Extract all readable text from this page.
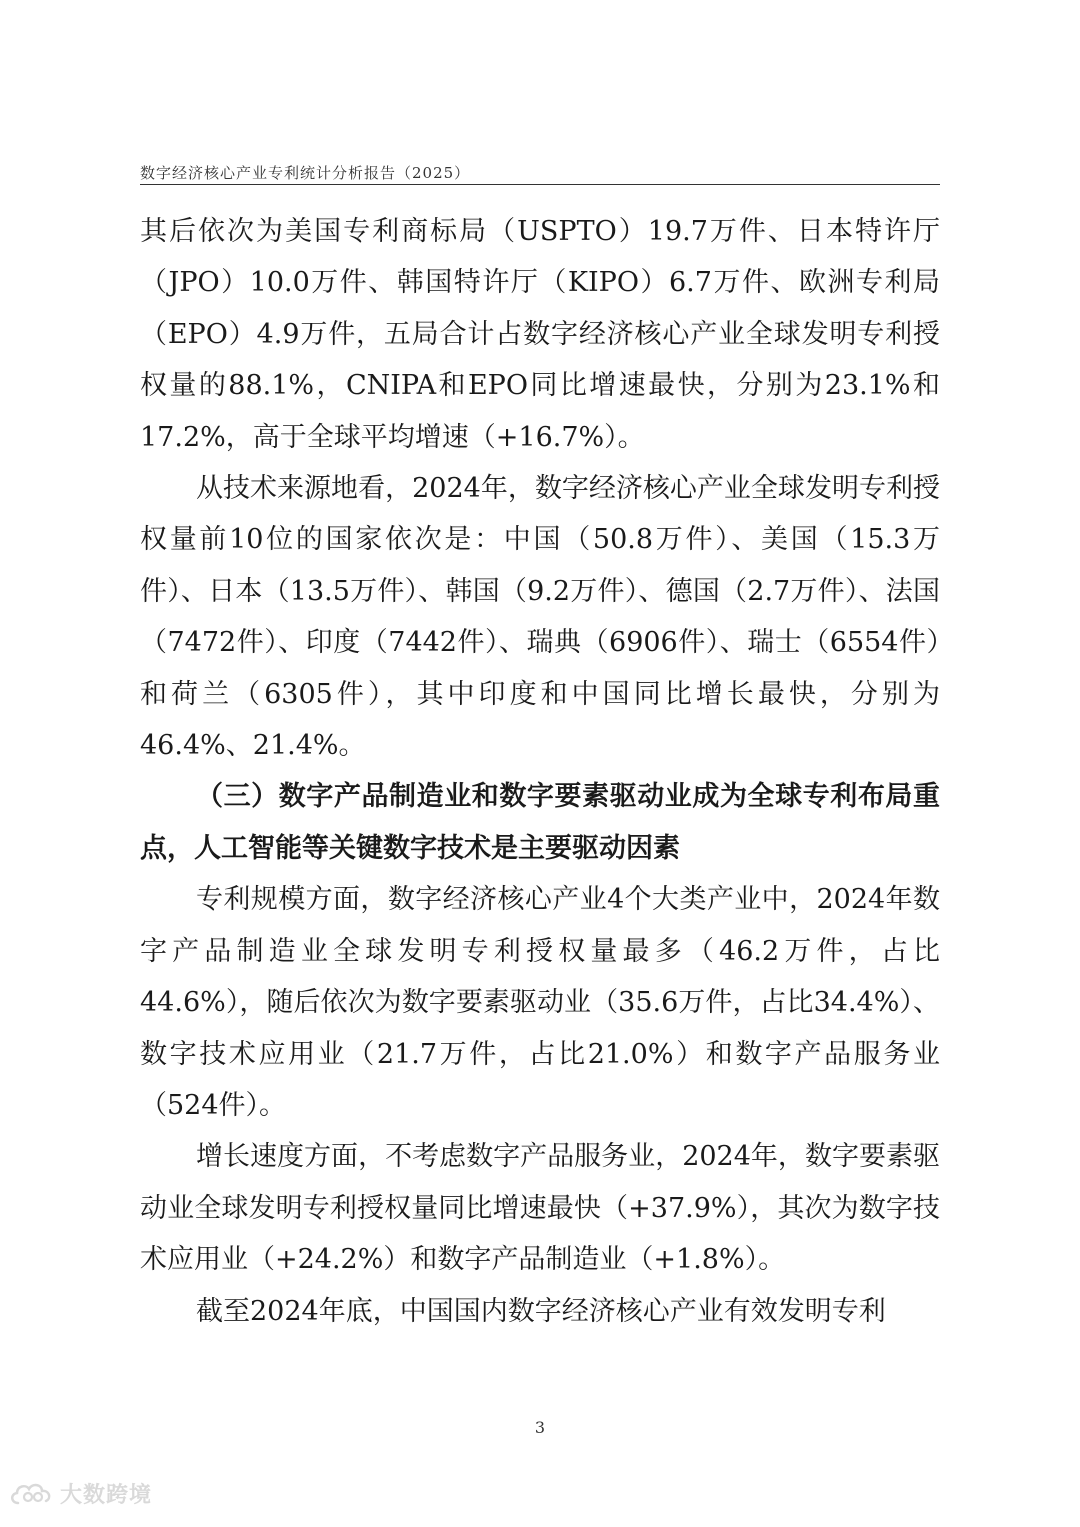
数字经济核心产业专利统计分析报告（2025）

其后依次为美国专利商标局（USPTO）19.7万件、日本特许厅（JPO）10.0万件、韩国特许厅（KIPO）6.7万件、欧洲专利局（EPO）4.9万件，五局合计占数字经济核心产业全球发明专利授权量的88.1%，CNIPA和EPO同比增速最快，分别为23.1%和17.2%，高于全球平均增速（+16.7%）。

从技术来源地看，2024年，数字经济核心产业全球发明专利授权量前10位的国家依次是：中国（50.8万件）、美国（15.3万件）、日本（13.5万件）、韩国（9.2万件）、德国（2.7万件）、法国（7472件）、印度（7442件）、瑞典（6906件）、瑞士（6554件）和荷兰（6305件），其中印度和中国同比增长最快，分别为46.4%、21.4%。

（三）数字产品制造业和数字要素驱动业成为全球专利布局重点，人工智能等关键数字技术是主要驱动因素

专利规模方面，数字经济核心产业4个大类产业中，2024年数字产品制造业全球发明专利授权量最多（46.2万件，占比44.6%），随后依次为数字要素驱动业（35.6万件，占比34.4%）、数字技术应用业（21.7万件，占比21.0%）和数字产品服务业（524件）。

增长速度方面，不考虑数字产品服务业，2024年，数字要素驱动业全球发明专利授权量同比增速最快（+37.9%），其次为数字技术应用业（+24.2%）和数字产品制造业（+1.8%）。

截至2024年底，中国国内数字经济核心产业有效发明专利

3
大数跨境
